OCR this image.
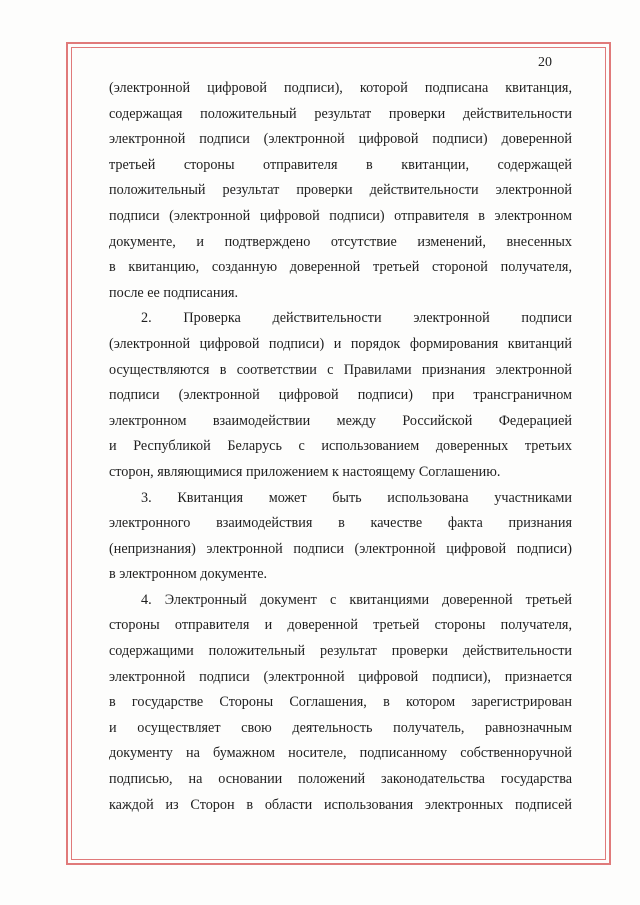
20

(электронной цифровой подписи), которой подписана квитанция,

содержащая положительный результат проверки действительности

электронной подписи (электронной цифровой подписи) доверенной

третьей стороны отправителя в квитанции, содержащей

положительный результат проверки действительности электронной

подписи (электронной цифровой подписи) отправителя в электронном

документе, и подтверждено отсутствие изменений, внесенных

в квитанцию, созданную доверенной третьей стороной получателя,

после ее подписания.

2. Проверка действительности электронной подписи

(электронной цифровой подписи) и порядок формирования квитанций

осуществляются в соответствии с Правилами признания электронной

подписи (электронной цифровой подписи) при трансграничном

электронном взаимодействии между Российской Федерацией

и Республикой Беларусь с использованием доверенных третьих

сторон, являющимися приложением к настоящему Соглашению.

3. Квитанция может быть использована участниками

электронного взаимодействия в качестве факта признания

(непризнания) электронной подписи (электронной цифровой подписи)

в электронном документе.

4. Электронный документ с квитанциями доверенной третьей

стороны отправителя и доверенной третьей стороны получателя,

содержащими положительный результат проверки действительности

электронной подписи (электронной цифровой подписи), признается

в государстве Стороны Соглашения, в котором зарегистрирован

и осуществляет свою деятельность получатель, равнозначным

документу на бумажном носителе, подписанному собственноручной

подписью, на основании положений законодательства государства

каждой из Сторон в области использования электронных подписей
